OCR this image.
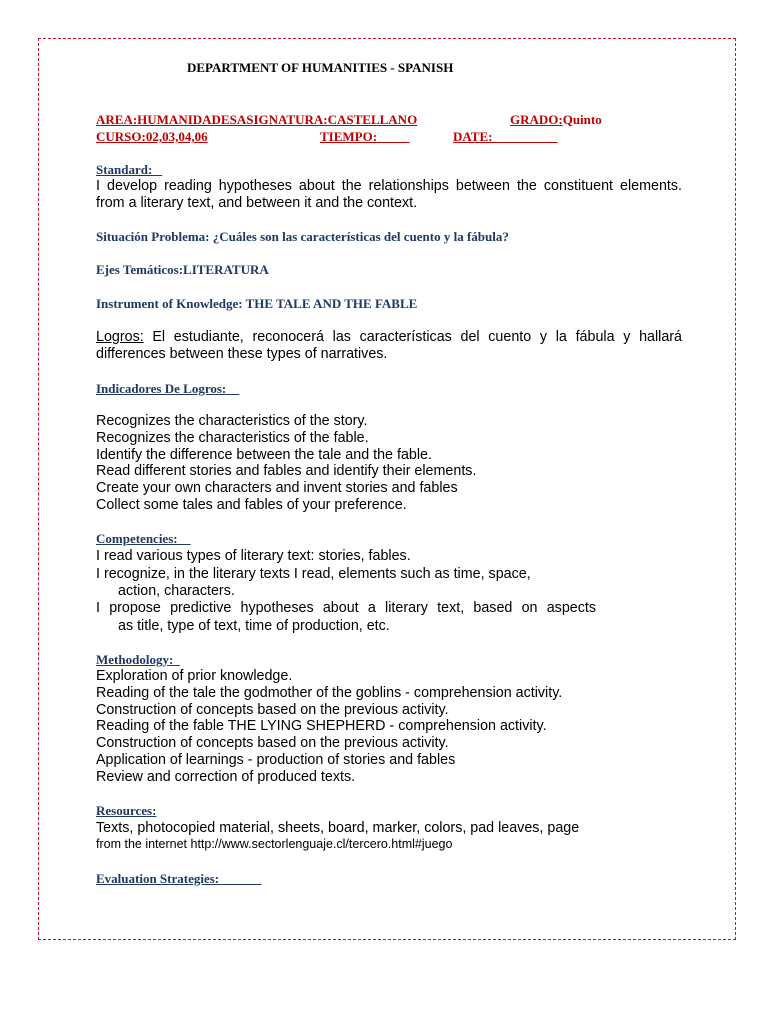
DEPARTMENT OF HUMANITIES - SPANISH
AREA:HUMANIDADESASIGNATURA:CASTELLANO	GRADO:Quinto
CURSO:02,03,04,06	TIEMPO:_____	DATE:__________
Standard:
I develop reading hypotheses about the relationships between the constituent elements.
from a literary text, and between it and the context.
Situación Problema: ¿Cuáles son las características del cuento y la fábula?
Ejes Temáticos:LITERATURA
Instrument of Knowledge: THE TALE AND THE FABLE
Logros: El estudiante, reconocerá las características del cuento y la fábula y hallará
differences between these types of narratives.
Indicadores De Logros:
Recognizes the characteristics of the story.
Recognizes the characteristics of the fable.
Identify the difference between the tale and the fable.
Read different stories and fables and identify their elements.
Create your own characters and invent stories and fables
Collect some tales and fables of your preference.
Competencies:
I read various types of literary text: stories, fables.
I recognize, in the literary texts I read, elements such as time, space,
action, characters.
I propose predictive hypotheses about a literary text, based on aspects
as title, type of text, time of production, etc.
Methodology:
Exploration of prior knowledge.
Reading of the tale the godmother of the goblins - comprehension activity.
Construction of concepts based on the previous activity.
Reading of the fable THE LYING SHEPHERD - comprehension activity.
Construction of concepts based on the previous activity.
Application of learnings - production of stories and fables
Review and correction of produced texts.
Resources:
Texts, photocopied material, sheets, board, marker, colors, pad leaves, page
from the internet http://www.sectorlenguaje.cl/tercero.html#juego
Evaluation Strategies:
